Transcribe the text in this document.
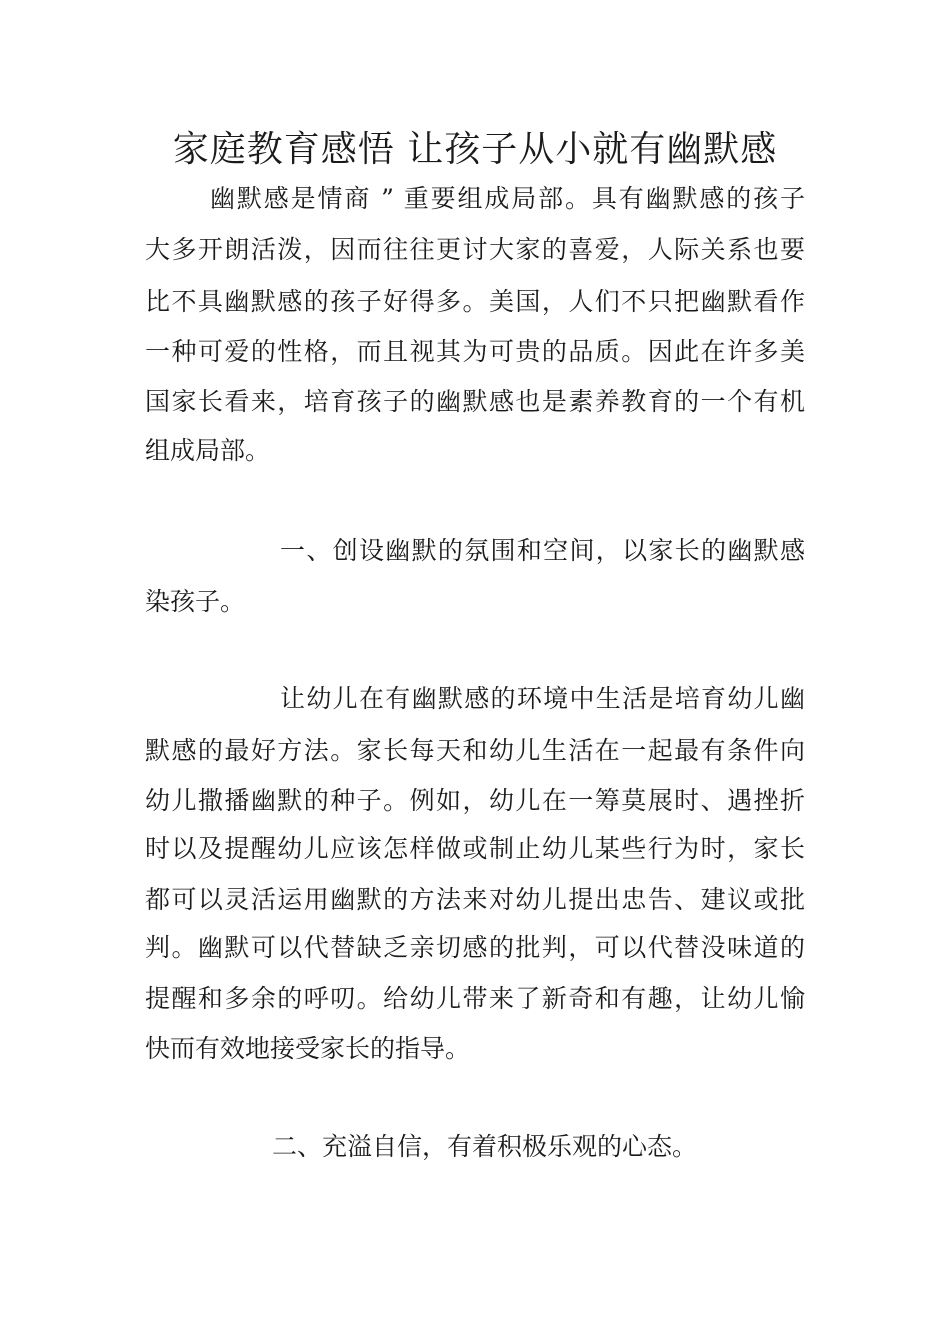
家庭教育感悟 让孩子从小就有幽默感

幽默感是情商 ” 重要组成局部。具有幽默感的孩子

大多开朗活泼，因而往往更讨大家的喜爱，人际关系也要

比不具幽默感的孩子好得多。美国，人们不只把幽默看作

一种可爱的性格，而且视其为可贵的品质。因此在许多美

国家长看来，培育孩子的幽默感也是素养教育的一个有机

组成局部。

一、创设幽默的氛围和空间，以家长的幽默感

染孩子。

让幼儿在有幽默感的环境中生活是培育幼儿幽

默感的最好方法。家长每天和幼儿生活在一起最有条件向

幼儿撒播幽默的种子。例如，幼儿在一筹莫展时、遇挫折

时以及提醒幼儿应该怎样做或制止幼儿某些行为时，家长

都可以灵活运用幽默的方法来对幼儿提出忠告、建议或批

判。幽默可以代替缺乏亲切感的批判，可以代替没味道的

提醒和多余的呼叨。给幼儿带来了新奇和有趣，让幼儿愉

快而有效地接受家长的指导。

二、充溢自信，有着积极乐观的心态。
